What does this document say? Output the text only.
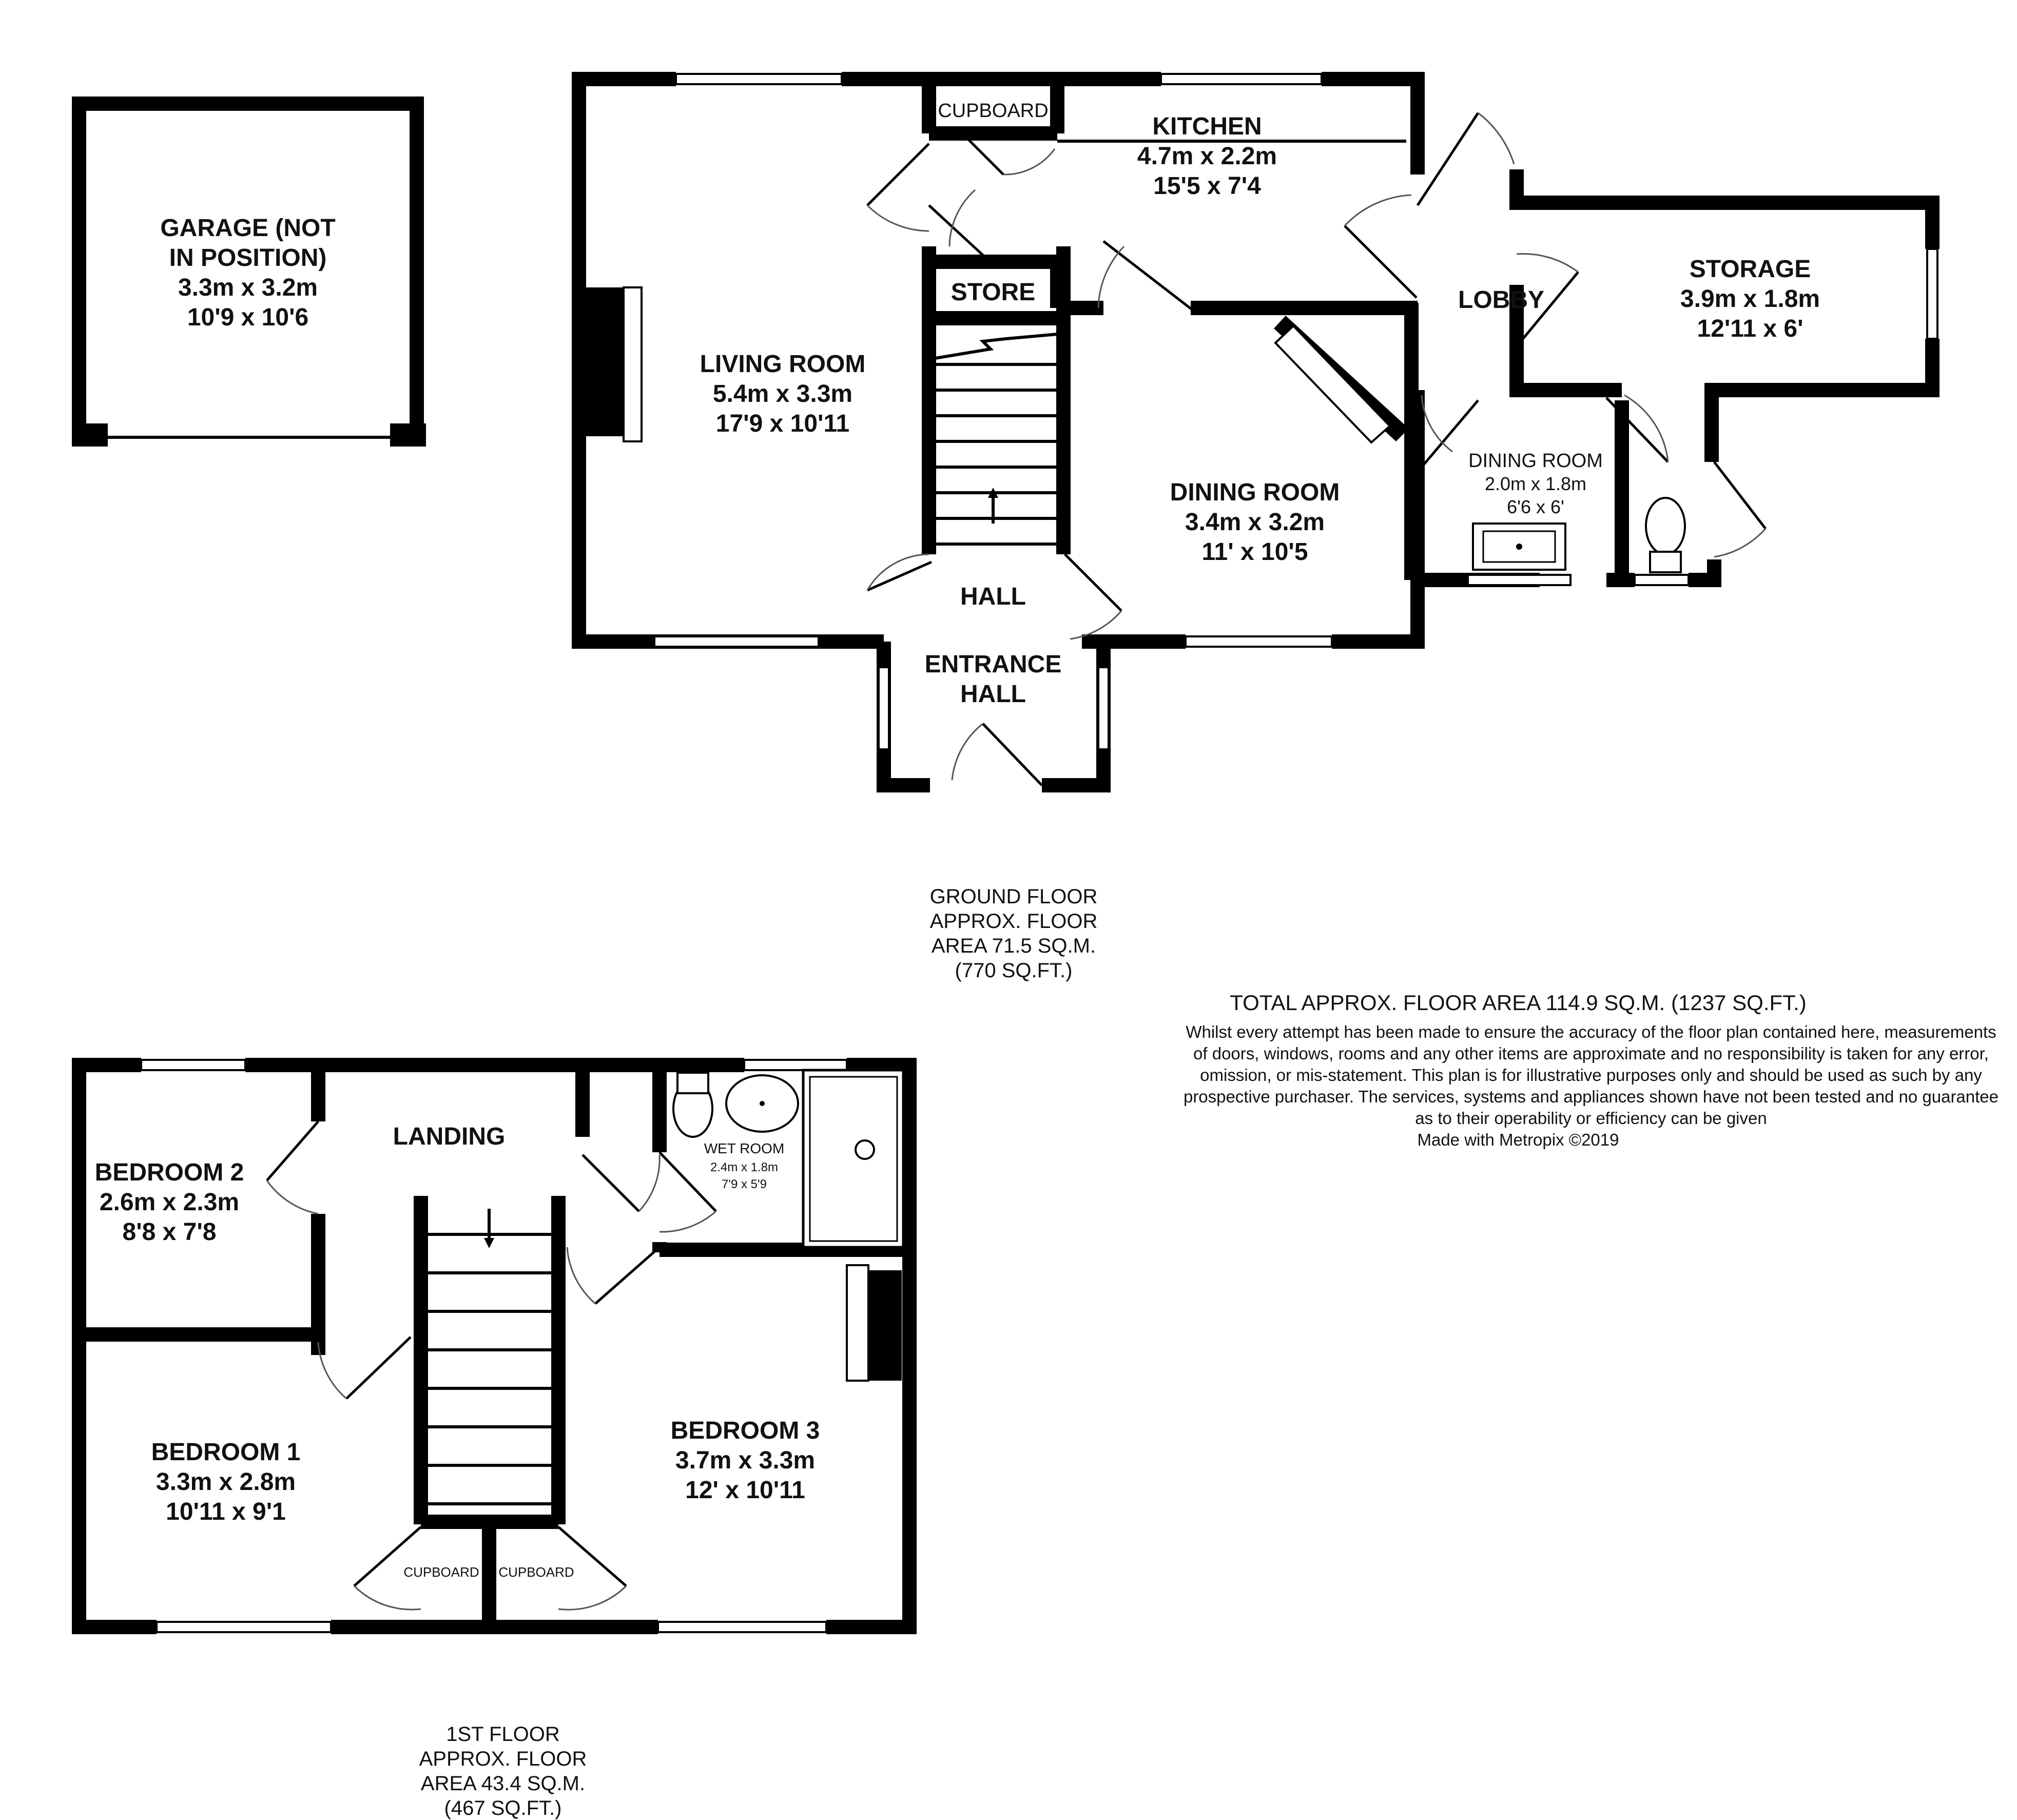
GARAGE (NOT
IN POSITION)
3.3m x 3.2m
10'9 x 10'6
LIVING ROOM
5.4m x 3.3m
17'9 x 10'11
CUPBOARD
STORE
KITCHEN
4.7m x 2.2m
15'5 x 7'4
LOBBY
STORAGE
3.9m x 1.8m
12'11 x 6'
DINING ROOM
2.0m x 1.8m
6'6 x 6'
DINING ROOM
3.4m x 3.2m
11' x 10'5
HALL
ENTRANCE
HALL
GROUND FLOOR
APPROX. FLOOR
AREA 71.5 SQ.M.
(770 SQ.FT.)
TOTAL APPROX. FLOOR AREA 114.9 SQ.M. (1237 SQ.FT.)
Whilst every attempt has been made to ensure the accuracy of the floor plan contained here, measurements
of doors, windows, rooms and any other items are approximate and no responsibility is taken for any error,
omission, or mis-statement. This plan is for illustrative purposes only and should be used as such by any
prospective purchaser. The services, systems and appliances shown have not been tested and no guarantee
as to their operability or efficiency can be given
Made with Metropix ©2019
LANDING
BEDROOM 2
2.6m x 2.3m
8'8 x 7'8
WET ROOM
2.4m x 1.8m
7'9 x 5'9
BEDROOM 1
3.3m x 2.8m
10'11 x 9'1
BEDROOM 3
3.7m x 3.3m
12' x 10'11
CUPBOARD CUPBOARD
1ST FLOOR
APPROX. FLOOR
AREA 43.4 SQ.M.
(467 SQ.FT.)
